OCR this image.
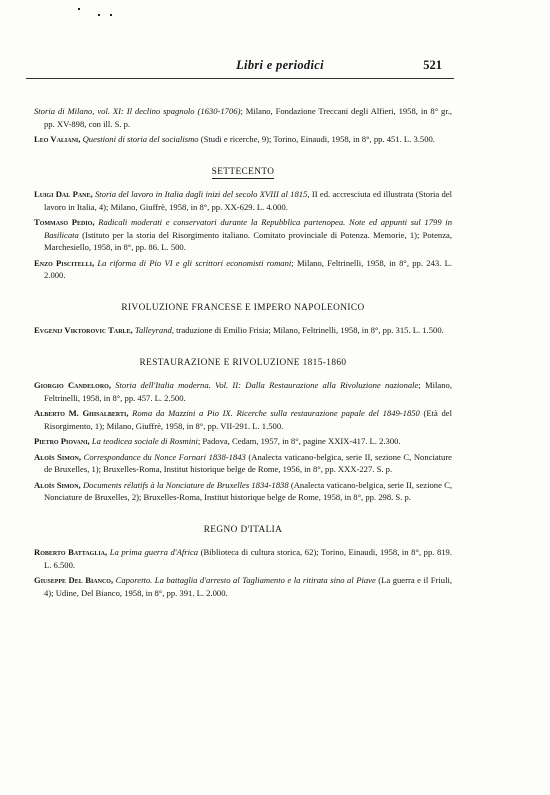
Libri e periodici	521

Storia di Milano, vol. XI: Il declino spagnolo (1630-1706); Milano, Fondazione Treccani degli Alfieri, 1958, in 8° gr., pp. XV-898, con ill. S. p.

Leo Valiani, Questioni di storia del socialismo (Studi e ricerche, 9); Torino, Einaudi, 1958, in 8°, pp. 451. L. 3.500.

SETTECENTO

Luigi Dal Pane, Storia del lavoro in Italia dagli inizi del secolo XVIII al 1815, II ed. accresciuta ed illustrata (Storia del lavoro in Italia, 4); Milano, Giuffrè, 1958, in 8°, pp. XX-629. L. 4.000.

Tommaso Pedio, Radicali moderati e conservatori durante la Repubblica partenopea. Note ed appunti sul 1799 in Basilicata (Istituto per la storia del Risorgimento italiano. Comitato provinciale di Potenza. Memorie, 1); Potenza, Marchesiello, 1958, in 8°, pp. 86. L. 500.

Enzo Piscitelli, La riforma di Pio VI e gli scrittori economisti romani; Milano, Feltrinelli, 1958, in 8°, pp. 243. L. 2.000.

RIVOLUZIONE FRANCESE E IMPERO NAPOLEONICO

Evgenij Viktorovic Tarle, Talleyrand, traduzione di Emilio Frisia; Milano, Feltrinelli, 1958, in 8°, pp. 315. L. 1.500.

RESTAURAZIONE E RIVOLUZIONE 1815-1860

Giorgio Candeloro, Storia dell'Italia moderna. Vol. II: Dalla Restaurazione alla Rivoluzione nazionale; Milano, Feltrinelli, 1958, in 8°, pp. 457. L. 2.500.

Alberto M. Ghisalberti, Roma da Mazzini a Pio IX. Ricerche sulla restaurazione papale del 1849-1850 (Età del Risorgimento, 1); Milano, Giuffrè, 1958, in 8°, pp. VII-291. L. 1.500.

Pietro Piovani, La teodicea sociale di Rosmini; Padova, Cedam, 1957, in 8°, pagine XXIX-417. L. 2.300.

Aloïs Simon, Correspondance du Nonce Fornari 1838-1843 (Analecta vaticano-belgica, serie II, sezione C, Nonciature de Bruxelles, 1); Bruxelles-Roma, Institut historique belge de Rome, 1956, in 8°, pp. XXX-227. S. p.

Aloïs Simon, Documents rélatifs à la Nonciature de Bruxelles 1834-1838 (Analecta vaticano-belgica, serie II, sezione C, Nonciature de Bruxelles, 2); Bruxelles-Roma, Institut historique belge de Rome, 1958, in 8°, pp. 298. S. p.

REGNO D'ITALIA

Roberto Battaglia, La prima guerra d'Africa (Biblioteca di cultura storica, 62); Torino, Einaudi, 1958, in 8°, pp. 819. L. 6.500.

Giuseppe Del Bianco, Caporetto. La battaglia d'arresto al Tagliamento e la ritirata sino al Piave (La guerra e il Friuli, 4); Udine, Del Bianco, 1958, in 8°, pp. 391. L. 2.000.
